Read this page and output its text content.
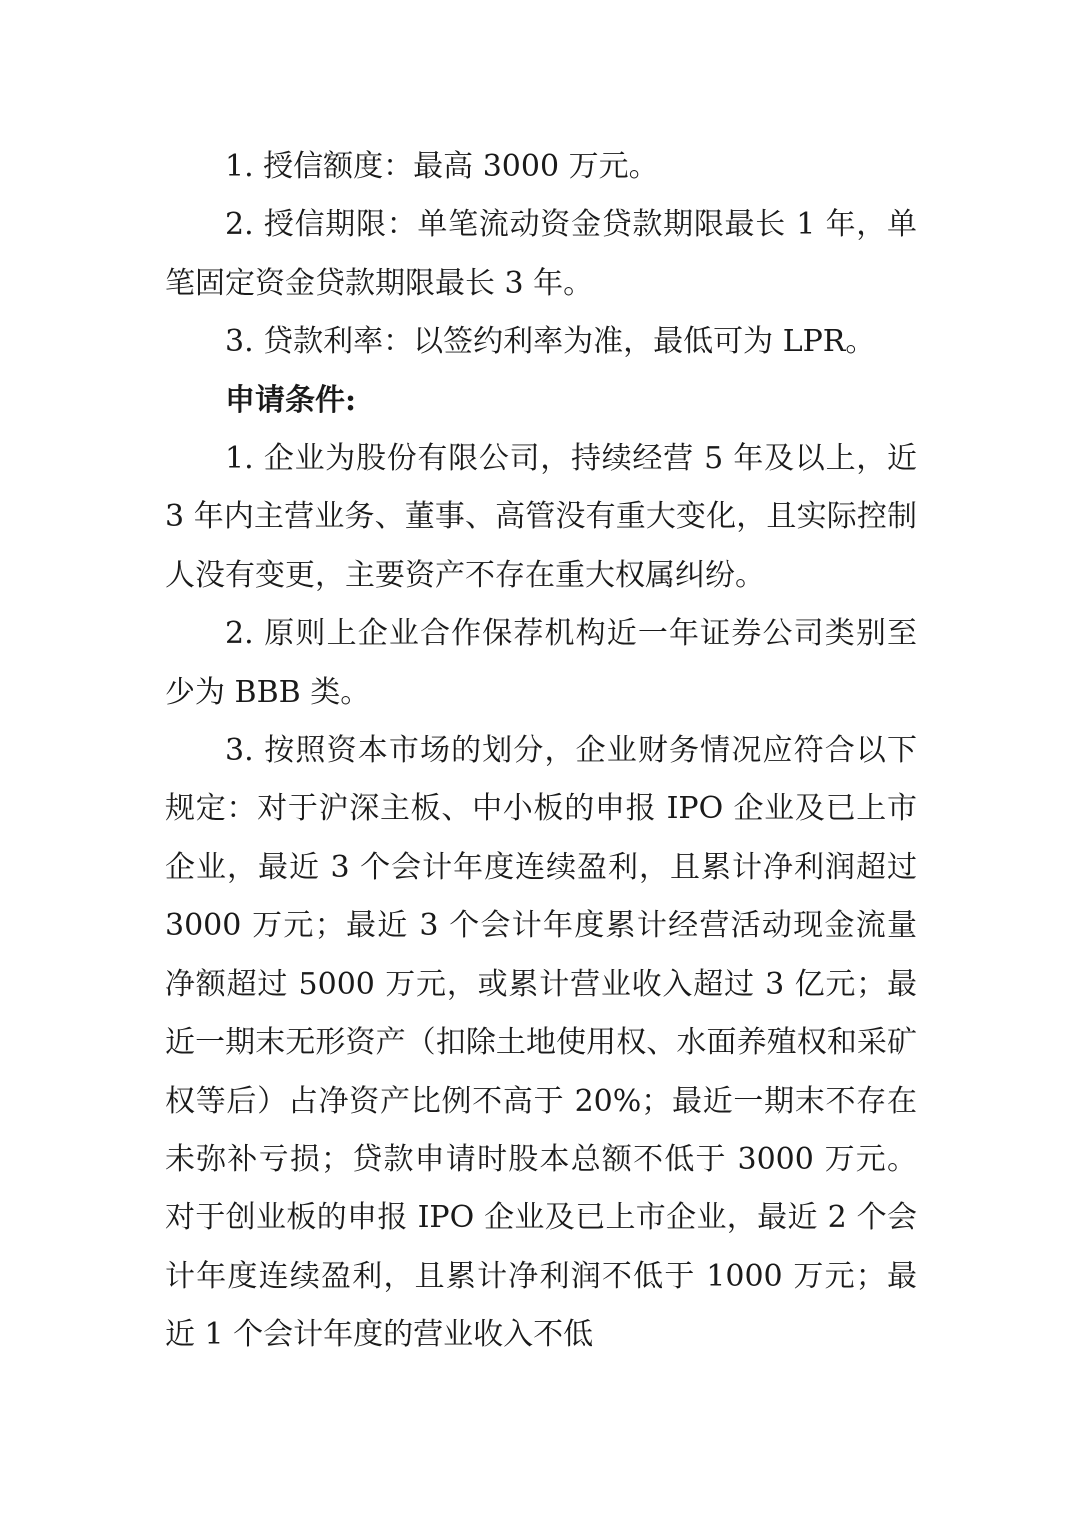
1. 授信额度：最高 3000 万元。

2. 授信期限：单笔流动资金贷款期限最长 1 年，单笔固定资金贷款期限最长 3 年。

3. 贷款利率：以签约利率为准，最低可为 LPR。

申请条件:

1. 企业为股份有限公司，持续经营 5 年及以上，近 3 年内主营业务、董事、高管没有重大变化，且实际控制人没有变更，主要资产不存在重大权属纠纷。

2. 原则上企业合作保荐机构近一年证券公司类别至少为 BBB 类。

3. 按照资本市场的划分，企业财务情况应符合以下规定：对于沪深主板、中小板的申报 IPO 企业及已上市企业，最近 3 个会计年度连续盈利，且累计净利润超过 3000 万元；最近 3 个会计年度累计经营活动现金流量净额超过 5000 万元，或累计营业收入超过 3 亿元；最近一期末无形资产（扣除土地使用权、水面养殖权和采矿权等后）占净资产比例不高于 20%；最近一期末不存在未弥补亏损；贷款申请时股本总额不低于 3000 万元。对于创业板的申报 IPO 企业及已上市企业，最近 2 个会计年度连续盈利，且累计净利润不低于 1000 万元；最近 1 个会计年度的营业收入不低
